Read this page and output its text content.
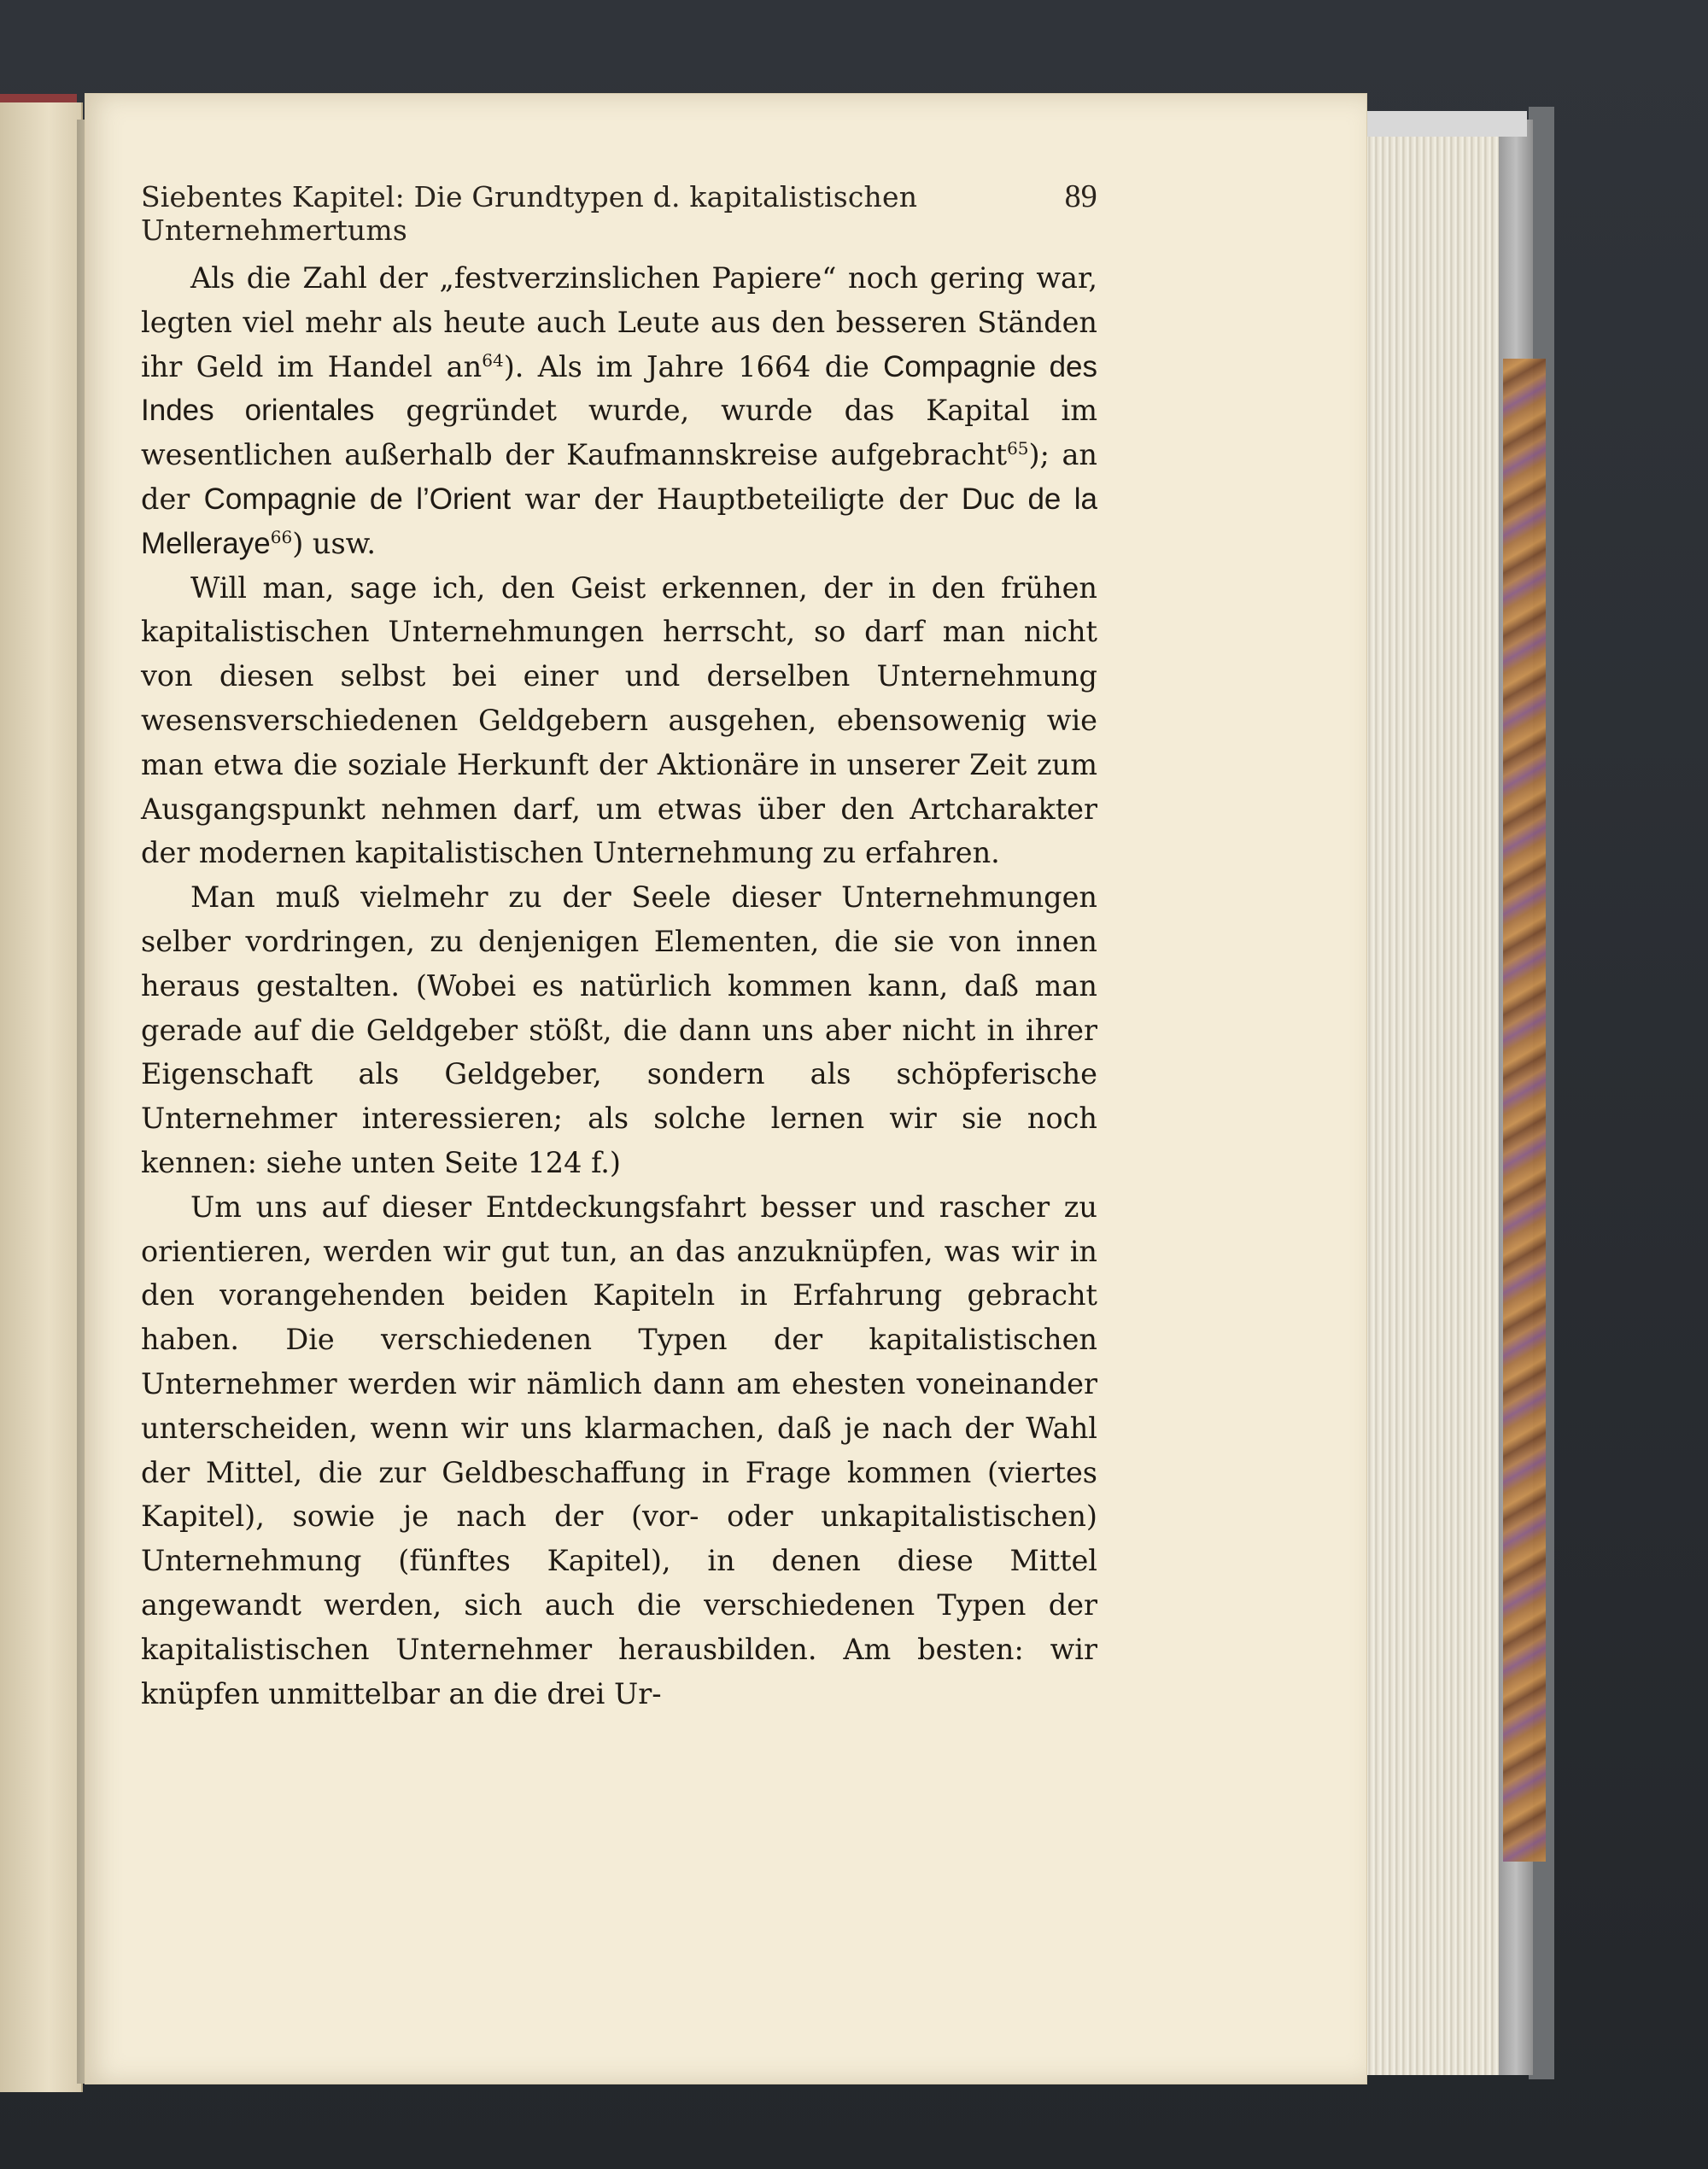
Siebentes Kapitel: Die Grundtypen d. kapitalistischen Unternehmertums
89

Als die Zahl der „festverzinslichen Papiere“ noch gering war, legten viel mehr als heute auch Leute aus den besseren Ständen ihr Geld im Handel an$^{64}$). Als im Jahre 1664 die Compagnie des Indes orientales gegründet wurde, wurde das Kapital im wesentlichen außerhalb der Kaufmannskreise aufgebracht$^{65}$); an der Compagnie de l’Orient war der Hauptbeteiligte der Duc de la Melleraye$^{66}$) usw.

Will man, sage ich, den Geist erkennen, der in den frühen kapitalistischen Unternehmungen herrscht, so darf man nicht von diesen selbst bei einer und derselben Unternehmung wesensverschiedenen Geldgebern ausgehen, ebensowenig wie man etwa die soziale Herkunft der Aktionäre in unserer Zeit zum Ausgangspunkt nehmen darf, um etwas über den Artcharakter der modernen kapitalistischen Unternehmung zu erfahren.

Man muß vielmehr zu der Seele dieser Unternehmungen selber vordringen, zu denjenigen Elementen, die sie von innen heraus gestalten. (Wobei es natürlich kommen kann, daß man gerade auf die Geldgeber stößt, die dann uns aber nicht in ihrer Eigenschaft als Geldgeber, sondern als schöpferische Unternehmer interessieren; als solche lernen wir sie noch kennen: siehe unten Seite 124 f.)

Um uns auf dieser Entdeckungsfahrt besser und rascher zu orientieren, werden wir gut tun, an das anzuknüpfen, was wir in den vorangehenden beiden Kapiteln in Erfahrung gebracht haben. Die verschiedenen Typen der kapitalistischen Unternehmer werden wir nämlich dann am ehesten voneinander unterscheiden, wenn wir uns klarmachen, daß je nach der Wahl der Mittel, die zur Geldbeschaffung in Frage kommen (viertes Kapitel), sowie je nach der (vor- oder unkapitalistischen) Unternehmung (fünftes Kapitel), in denen diese Mittel angewandt werden, sich auch die verschiedenen Typen der kapitalistischen Unternehmer herausbilden. Am besten: wir knüpfen unmittelbar an die drei Ur-
